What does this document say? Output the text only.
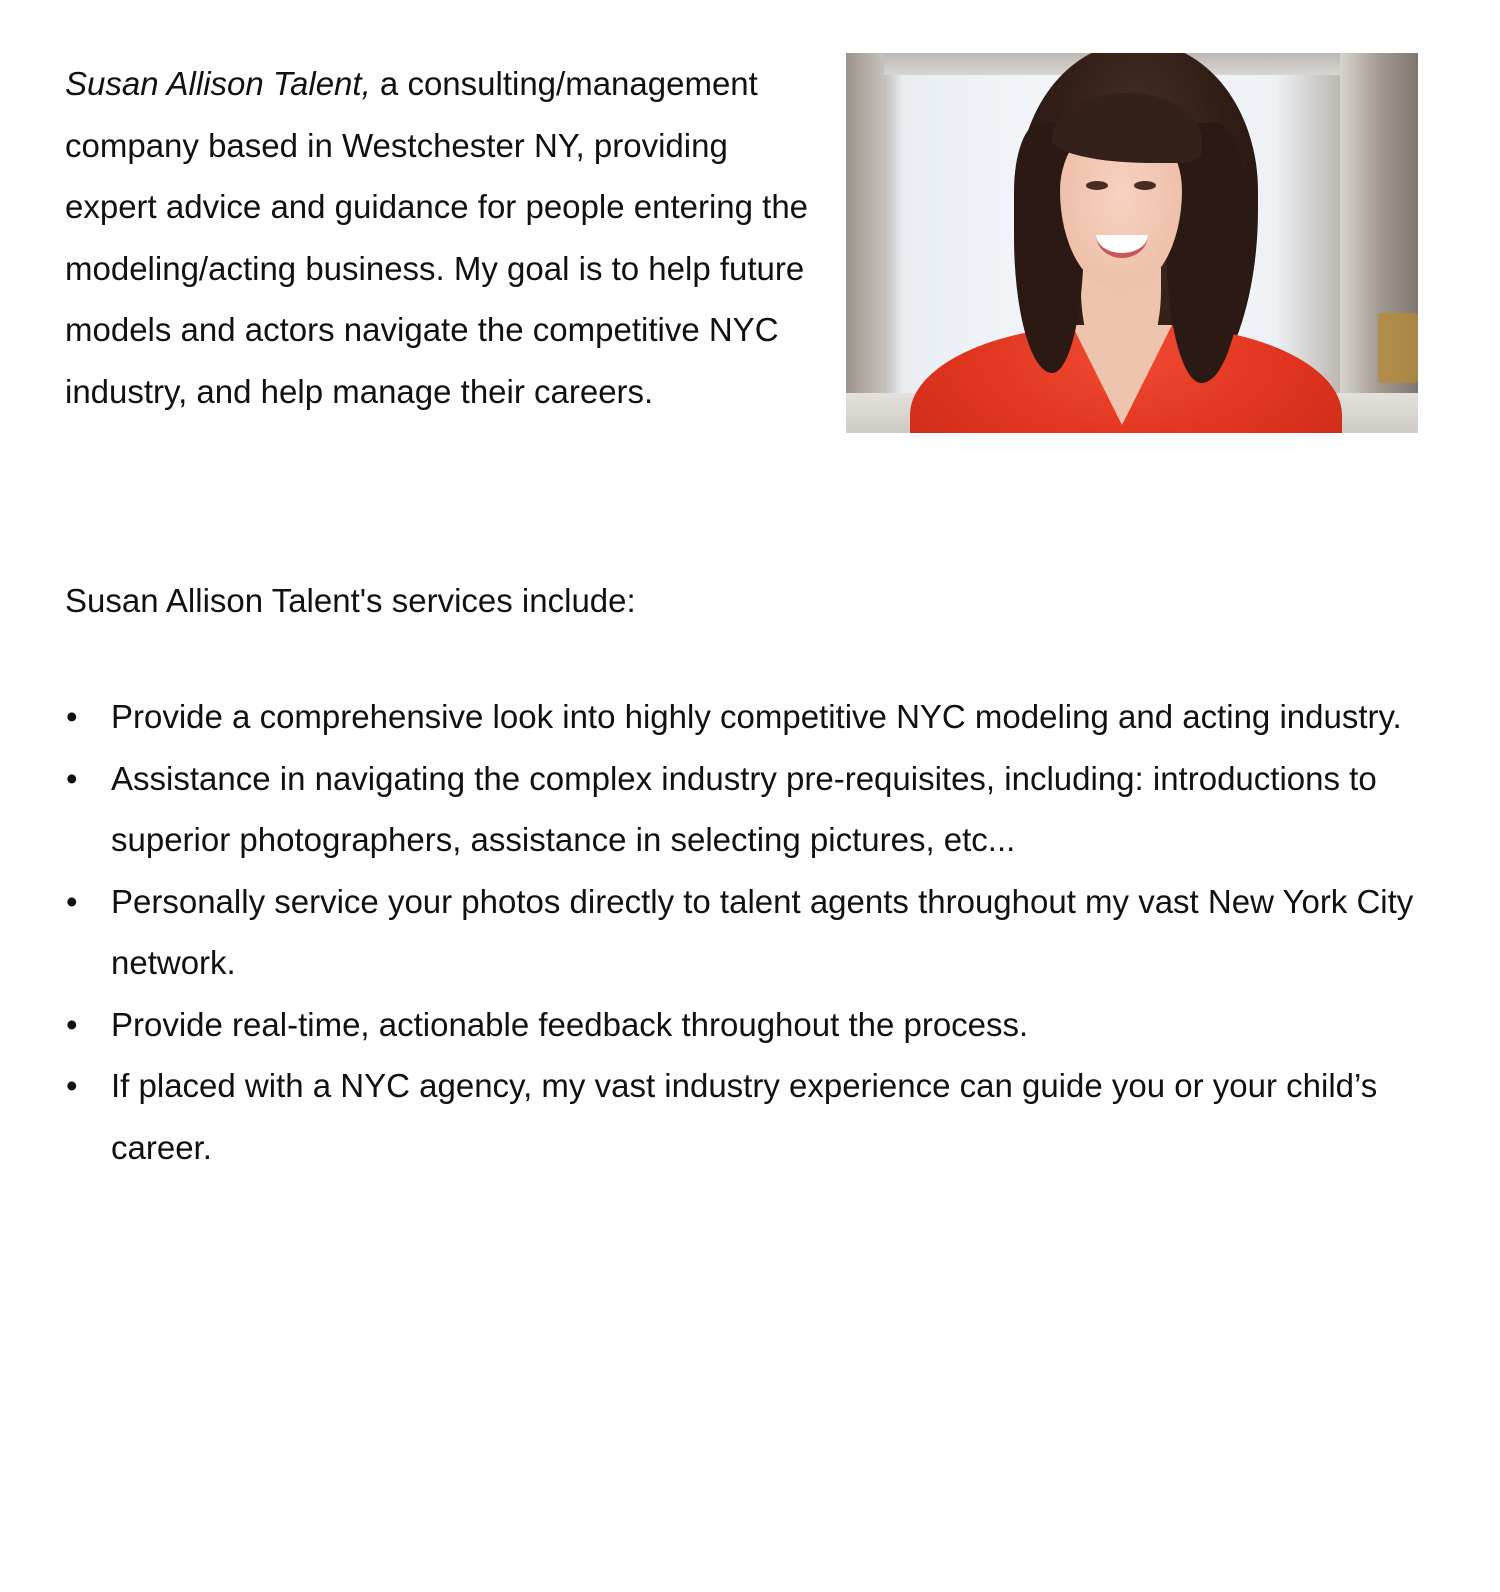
Susan Allison Talent, a consulting/management company based in Westchester NY, providing expert advice and guidance for people entering the modeling/acting business. My goal is to help future models and actors navigate the competitive NYC industry, and help manage their careers.

Susan Allison Talent's services include:

• Provide a comprehensive look into highly competitive NYC modeling and acting industry.
• Assistance in navigating the complex industry pre-requisites, including: introductions to superior photographers, assistance in selecting pictures, etc...
• Personally service your photos directly to talent agents throughout my vast New York City network.
• Provide real-time, actionable feedback throughout the process.
• If placed with a NYC agency, my vast industry experience can guide you or your child’s career.
